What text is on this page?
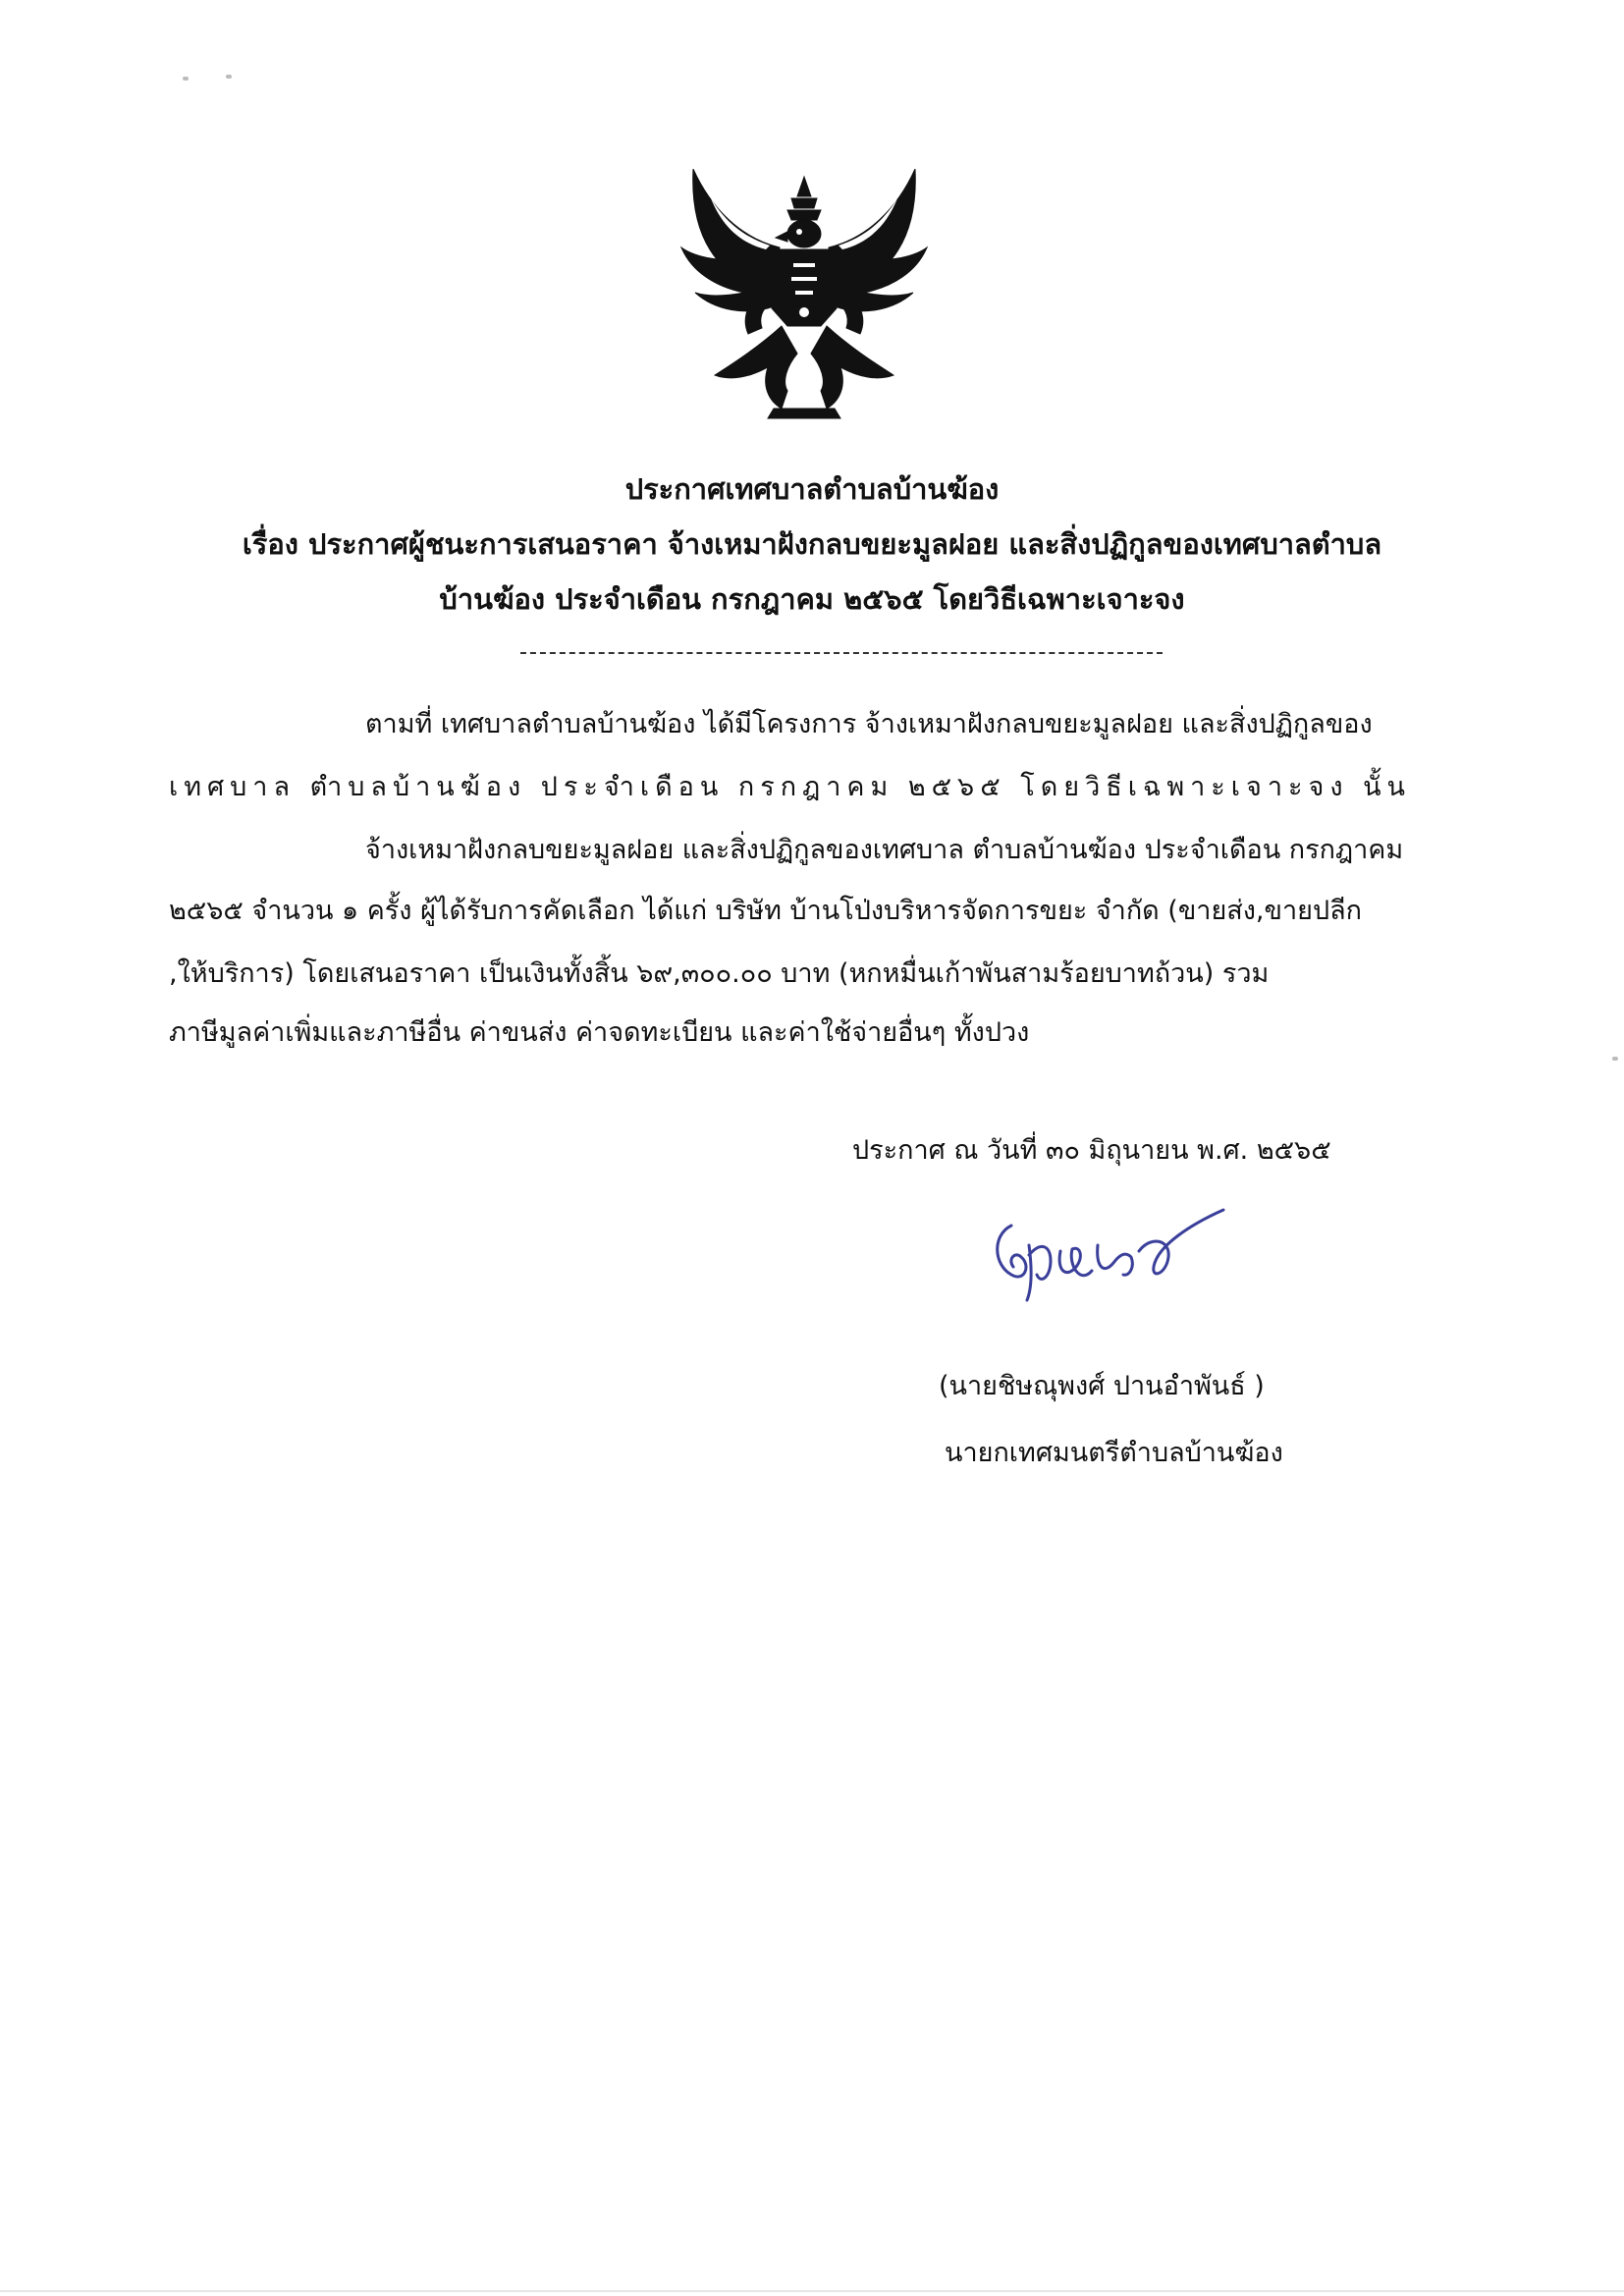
ประกาศเทศบาลตำบลบ้านฆ้อง
เรื่อง ประกาศผู้ชนะการเสนอราคา จ้างเหมาฝังกลบขยะมูลฝอย และสิ่งปฏิกูลของเทศบาลตำบล
บ้านฆ้อง ประจำเดือน กรกฎาคม ๒๕๖๕ โดยวิธีเฉพาะเจาะจง
ตามที่ เทศบาลตำบลบ้านฆ้อง ได้มีโครงการ จ้างเหมาฝังกลบขยะมูลฝอย และสิ่งปฏิกูลของ
เทศบาล ตำบลบ้านฆ้อง ประจำเดือน กรกฎาคม ๒๕๖๕ โดยวิธีเฉพาะเจาะจง นั้น
จ้างเหมาฝังกลบขยะมูลฝอย และสิ่งปฏิกูลของเทศบาล ตำบลบ้านฆ้อง ประจำเดือน กรกฎาคม
๒๕๖๕ จำนวน ๑ ครั้ง ผู้ได้รับการคัดเลือก ได้แก่ บริษัท บ้านโป่งบริหารจัดการขยะ จำกัด (ขายส่ง,ขายปลีก
,ให้บริการ) โดยเสนอราคา เป็นเงินทั้งสิ้น ๖๙,๓๐๐.๐๐ บาท (หกหมื่นเก้าพันสามร้อยบาทถ้วน) รวม
ภาษีมูลค่าเพิ่มและภาษีอื่น ค่าขนส่ง ค่าจดทะเบียน และค่าใช้จ่ายอื่นๆ ทั้งปวง
ประกาศ ณ วันที่ ๓๐ มิถุนายน พ.ศ. ๒๕๖๕
(นายชิษณุพงศ์ ปานอำพันธ์ )
นายกเทศมนตรีตำบลบ้านฆ้อง
